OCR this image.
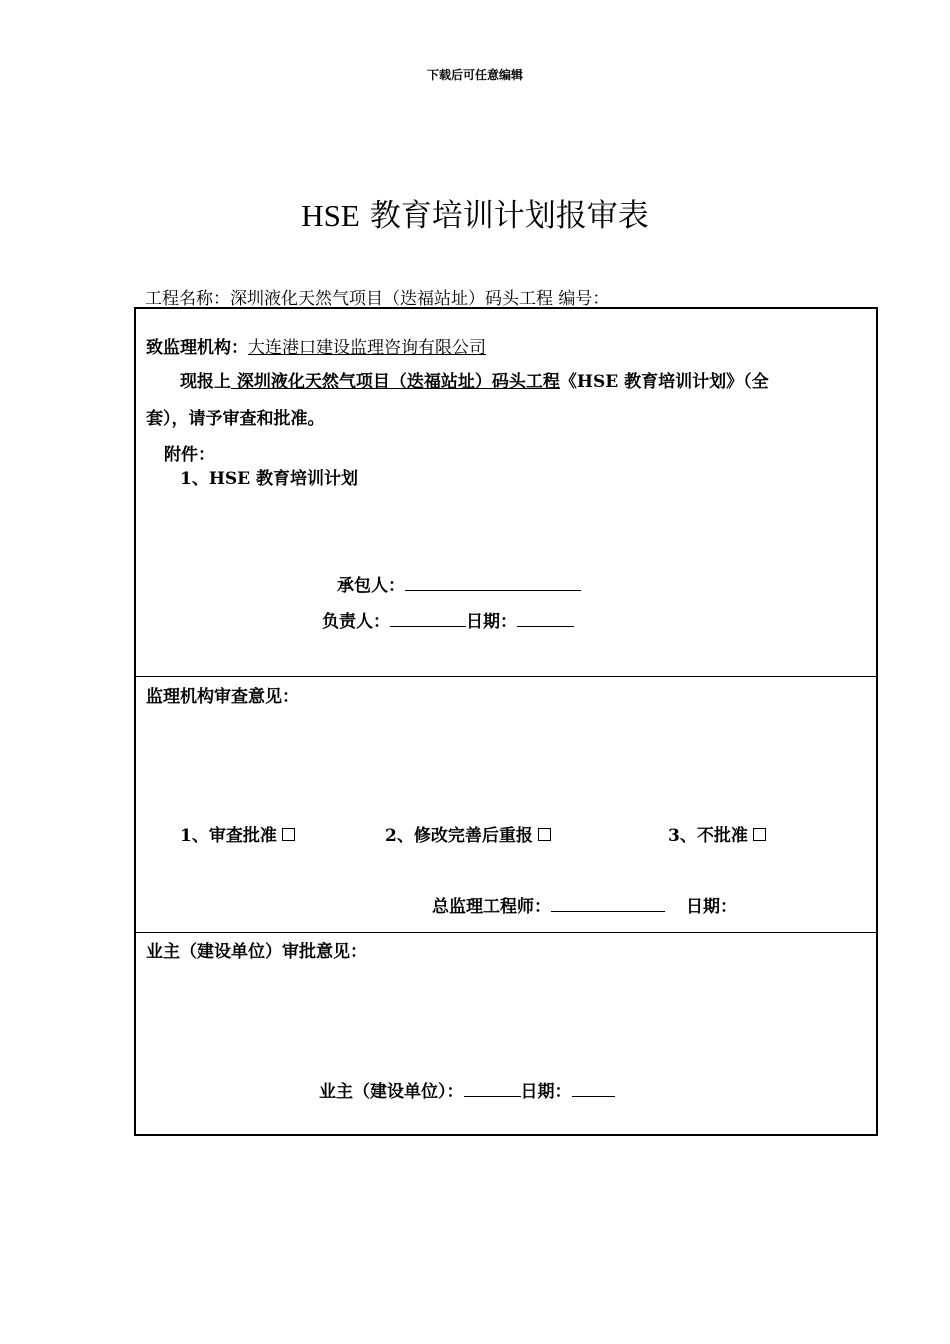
下载后可任意编辑
HSE 教育培训计划报审表
工程名称：深圳液化天然气项目（迭福站址）码头工程 编号：
致监理机构：大连港口建设监理咨询有限公司
现报上 深圳液化天然气项目（迭福站址）码头工程《HSE 教育培训计划》（全
套），请予审查和批准。
附件：
1、HSE 教育培训计划
承包人：
负责人：	日期：
监理机构审查意见：
1、审查批准	2、修改完善后重报	3、不批准
总监理工程师：	日期：
业主（建设单位）审批意见：
业主（建设单位）：	日期：
